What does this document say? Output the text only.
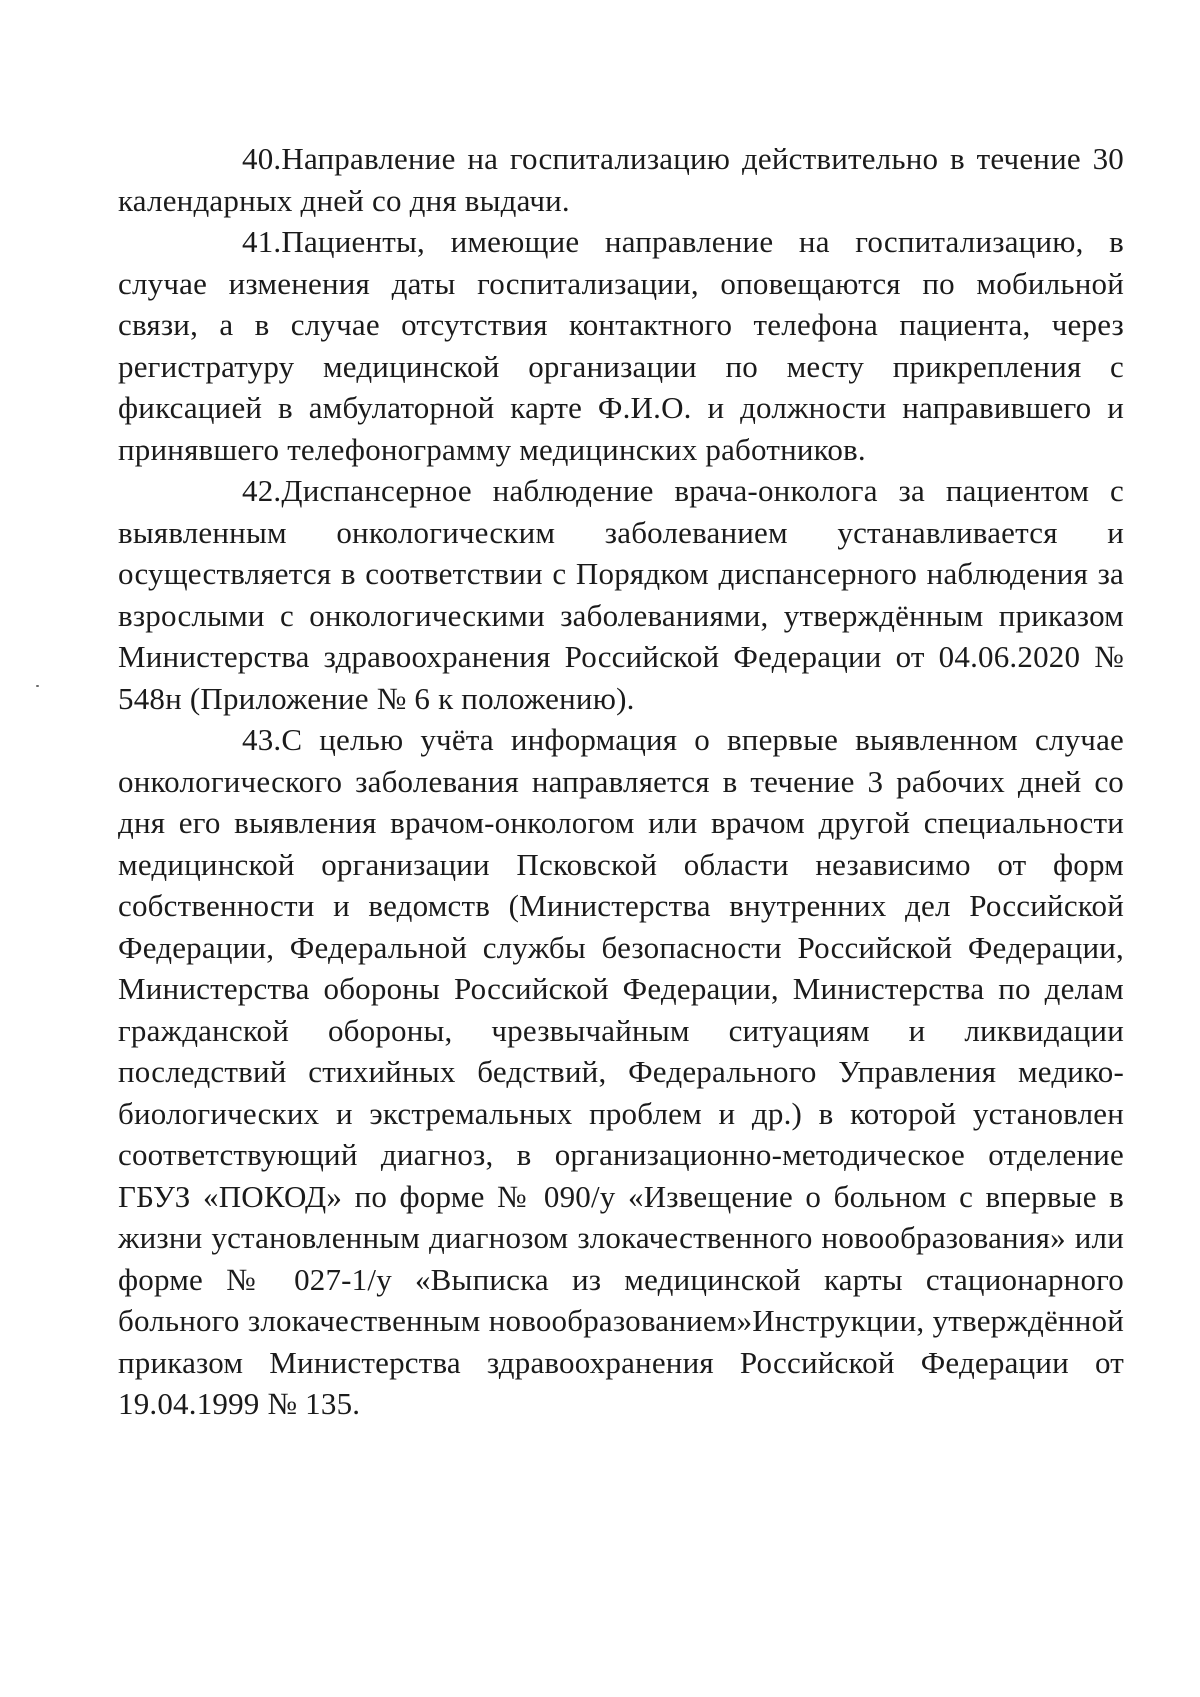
40.Направление на госпитализацию действительно в течение 30 календарных дней со дня выдачи.

41.Пациенты, имеющие направление на госпитализацию, в случае изменения даты госпитализации, оповещаются по мобильной связи, а в случае отсутствия контактного телефона пациента, через регистратуру медицинской организации по месту прикрепления с фиксацией в амбулаторной карте Ф.И.О. и должности направившего и принявшего телефонограмму медицинских работников.

42.Диспансерное наблюдение врача-онколога за пациентом с выявленным онкологическим заболеванием устанавливается и осуществляется в соответствии с Порядком диспансерного наблюдения за взрослыми с онкологическими заболеваниями, утверждённым приказом Министерства здравоохранения Российской Федерации от 04.06.2020 № 548н (Приложение № 6 к положению).

43.С целью учёта информация о впервые выявленном случае онкологического заболевания направляется в течение 3 рабочих дней со дня его выявления врачом-онкологом или врачом другой специальности медицинской организации Псковской области независимо от форм собственности и ведомств (Министерства внутренних дел Российской Федерации, Федеральной службы безопасности Российской Федерации, Министерства обороны Российской Федерации, Министерства по делам гражданской обороны, чрезвычайным ситуациям и ликвидации последствий стихийных бедствий, Федерального Управления медико-биологических и экстремальных проблем и др.) в которой установлен соответствующий диагноз, в организационно-методическое отделение ГБУЗ «ПОКОД» по форме № 090/у «Извещение о больном с впервые в жизни установленным диагнозом злокачественного новообразования» или форме № 027-1/у «Выписка из медицинской карты стационарного больного злокачественным новообразованием»Инструкции, утверждённой приказом Министерства здравоохранения Российской Федерации от 19.04.1999 № 135.
